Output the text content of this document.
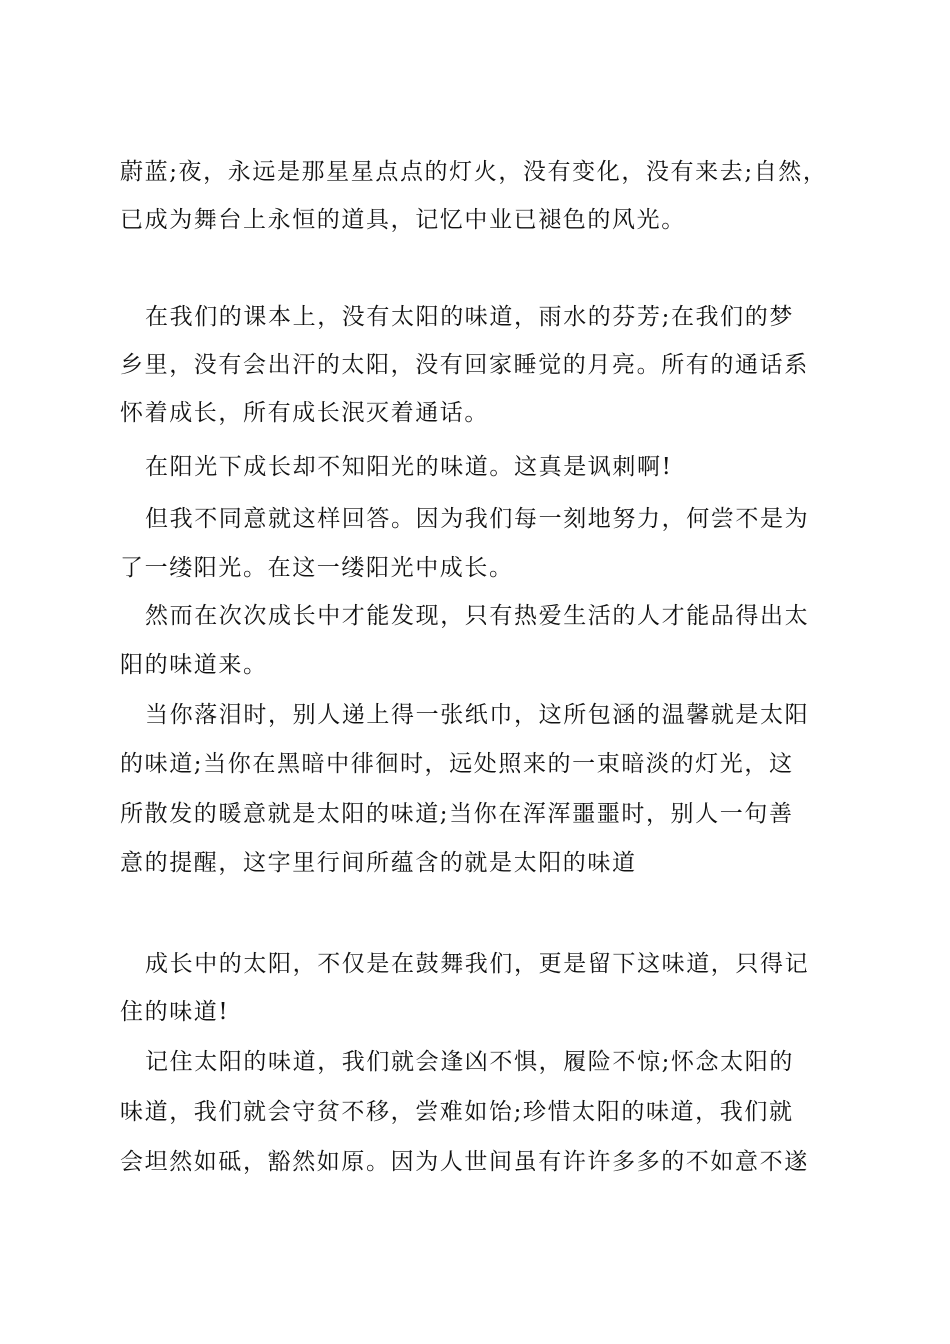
蔚蓝;夜，永远是那星星点点的灯火，没有变化，没有来去;自然，
已成为舞台上永恒的道具，记忆中业已褪色的风光。
在我们的课本上，没有太阳的味道，雨水的芬芳;在我们的梦
乡里，没有会出汗的太阳，没有回家睡觉的月亮。所有的通话系
怀着成长，所有成长泯灭着通话。
在阳光下成长却不知阳光的味道。这真是讽刺啊!
但我不同意就这样回答。因为我们每一刻地努力，何尝不是为
了一缕阳光。在这一缕阳光中成长。
然而在次次成长中才能发现，只有热爱生活的人才能品得出太
阳的味道来。
当你落泪时，别人递上得一张纸巾，这所包涵的温馨就是太阳
的味道;当你在黑暗中徘徊时，远处照来的一束暗淡的灯光，这
所散发的暖意就是太阳的味道;当你在浑浑噩噩时，别人一句善
意的提醒，这字里行间所蕴含的就是太阳的味道
成长中的太阳，不仅是在鼓舞我们，更是留下这味道，只得记
住的味道!
记住太阳的味道，我们就会逢凶不惧，履险不惊;怀念太阳的
味道，我们就会守贫不移，尝难如饴;珍惜太阳的味道，我们就
会坦然如砥，豁然如原。因为人世间虽有许许多多的不如意不遂
